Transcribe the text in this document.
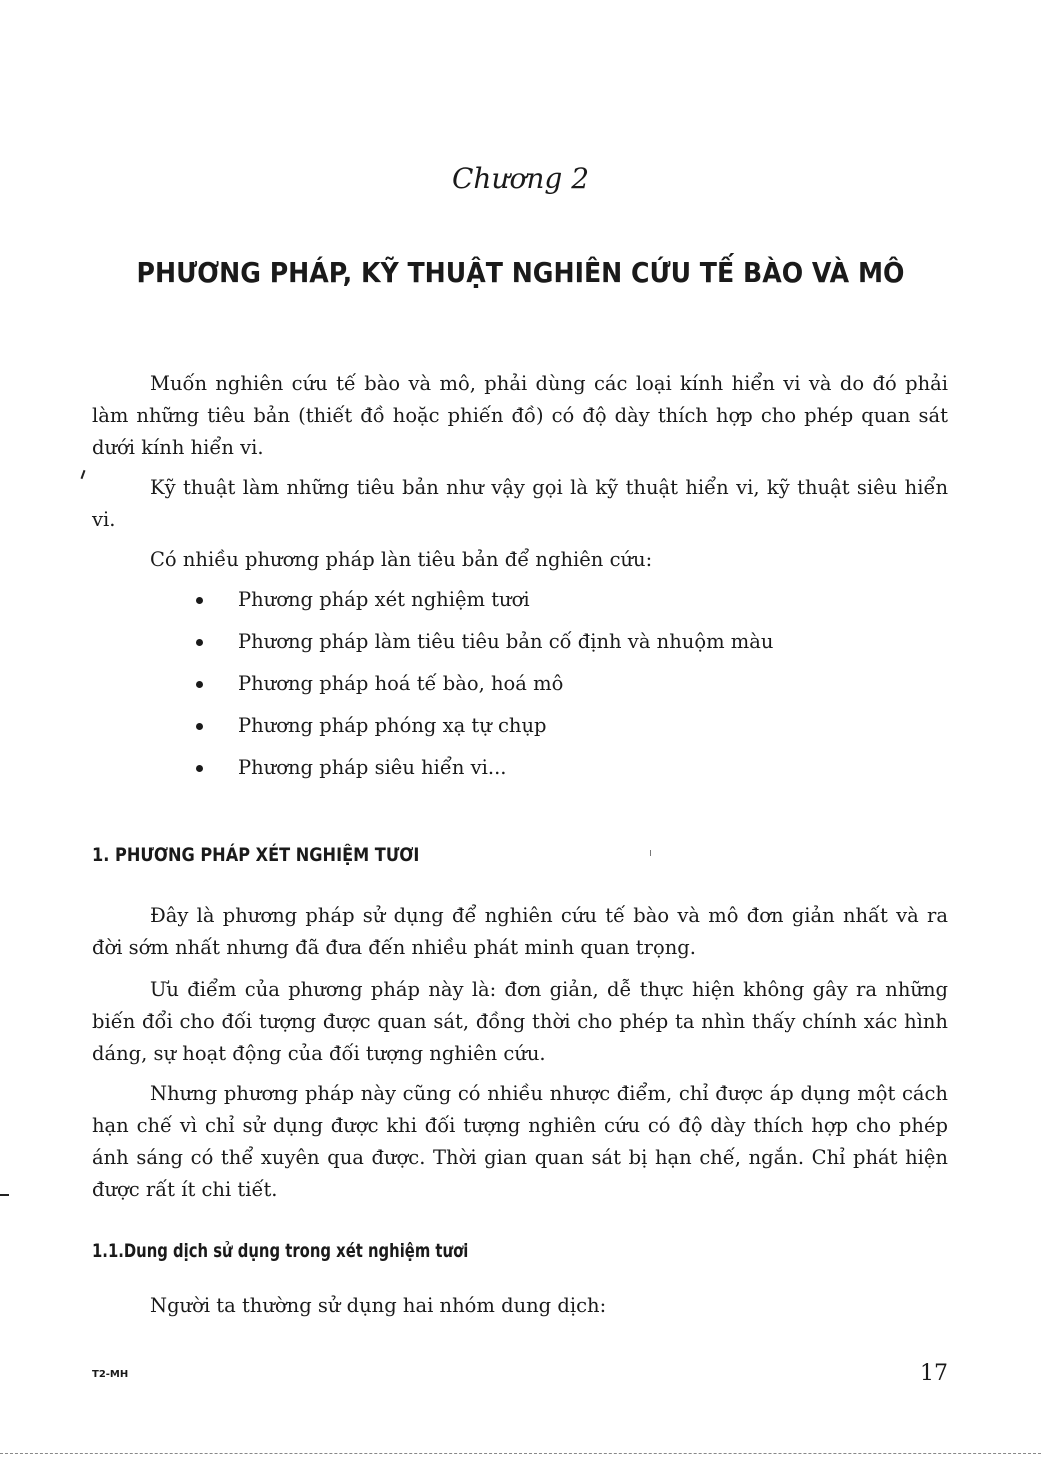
Chương 2
PHƯƠNG PHÁP, KỸ THUẬT NGHIÊN CỨU TẾ BÀO VÀ MÔ

Muốn nghiên cứu tế bào và mô, phải dùng các loại kính hiển vi và do đó phải làm những tiêu bản (thiết đồ hoặc phiến đồ) có độ dày thích hợp cho phép quan sát dưới kính hiển vi.

Kỹ thuật làm những tiêu bản như vậy gọi là kỹ thuật hiển vi, kỹ thuật siêu hiển vi.

Có nhiều phương pháp làn tiêu bản để nghiên cứu:

Phương pháp xét nghiệm tươi
Phương pháp làm tiêu tiêu bản cố định và nhuộm màu
Phương pháp hoá tế bào, hoá mô
Phương pháp phóng xạ tự chụp
Phương pháp siêu hiển vi...
1. PHƯƠNG PHÁP XÉT NGHIỆM TƯƠI

Đây là phương pháp sử dụng để nghiên cứu tế bào và mô đơn giản nhất và ra đời sớm nhất nhưng đã đưa đến nhiều phát minh quan trọng.

Ưu điểm của phương pháp này là: đơn giản, dễ thực hiện không gây ra những biến đổi cho đối tượng được quan sát, đồng thời cho phép ta nhìn thấy chính xác hình dáng, sự hoạt động của đối tượng nghiên cứu.

Nhưng phương pháp này cũng có nhiều nhược điểm, chỉ được áp dụng một cách hạn chế vì chỉ sử dụng được khi đối tượng nghiên cứu có độ dày thích hợp cho phép ánh sáng có thể xuyên qua được. Thời gian quan sát bị hạn chế, ngắn. Chỉ phát hiện được rất ít chi tiết.

1.1.Dung dịch sử dụng trong xét nghiệm tươi

Người ta thường sử dụng hai nhóm dung dịch:

T2-MH	17
